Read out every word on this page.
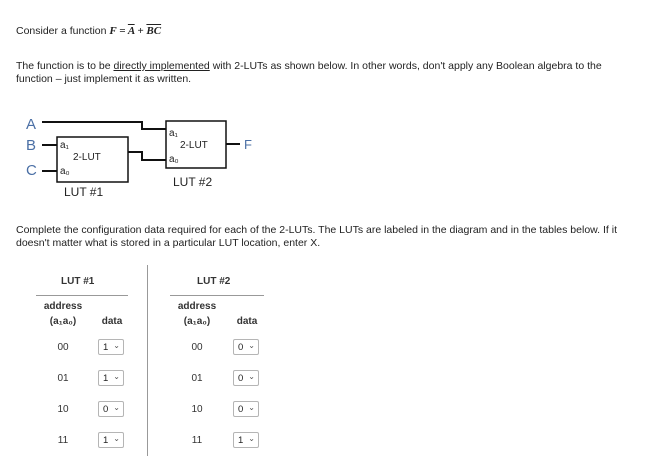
Consider a function $F = \overline{A} + \overline{BC}$
The function is to be directly implemented with 2-LUTs as shown below. In other words, don't apply any Boolean algebra to the
function – just implement it as written.
A
B
C
a₁
2-LUT
a₀
LUT #1
a₁
2-LUT
a₀
LUT #2
F
Complete the configuration data required for each of the 2-LUTs. The LUTs are labeled in the diagram and in the tables below. If it
doesn't matter what is stored in a particular LUT location, enter X.
LUT #1
address
(a₁a₀)	data
00	1 ⌄
01	1 ⌄
10	0 ⌄
11	1 ⌄
LUT #2
address
(a₁a₀)	data
00	0 ⌄
01	0 ⌄
10	0 ⌄
11	1 ⌄
